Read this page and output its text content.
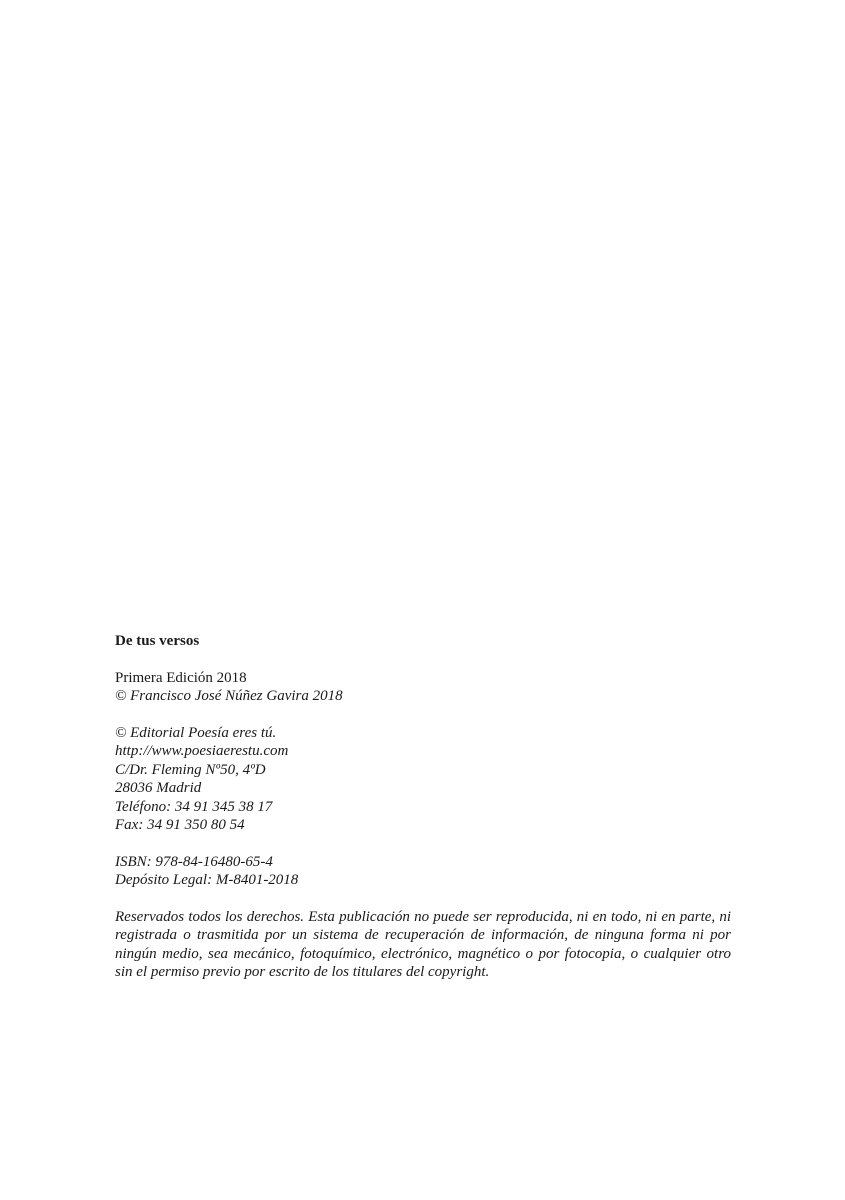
De tus versos
Primera Edición 2018
© Francisco José Núñez Gavira 2018
© Editorial Poesía eres tú.
http://www.poesiaerestu.com
C/Dr. Fleming Nº50, 4ºD
28036 Madrid
Teléfono: 34 91 345 38 17
Fax: 34 91 350 80 54
ISBN: 978-84-16480-65-4
Depósito Legal: M-8401-2018

Reservados todos los derechos. Esta publicación no puede ser reproducida, ni en todo, ni en parte, ni registrada o trasmitida por un sistema de recuperación de información, de ninguna forma ni por ningún medio, sea mecánico, fotoquímico, electrónico, magnético o por fotocopia, o cualquier otro sin el permiso previo por escrito de los titulares del copyright.
